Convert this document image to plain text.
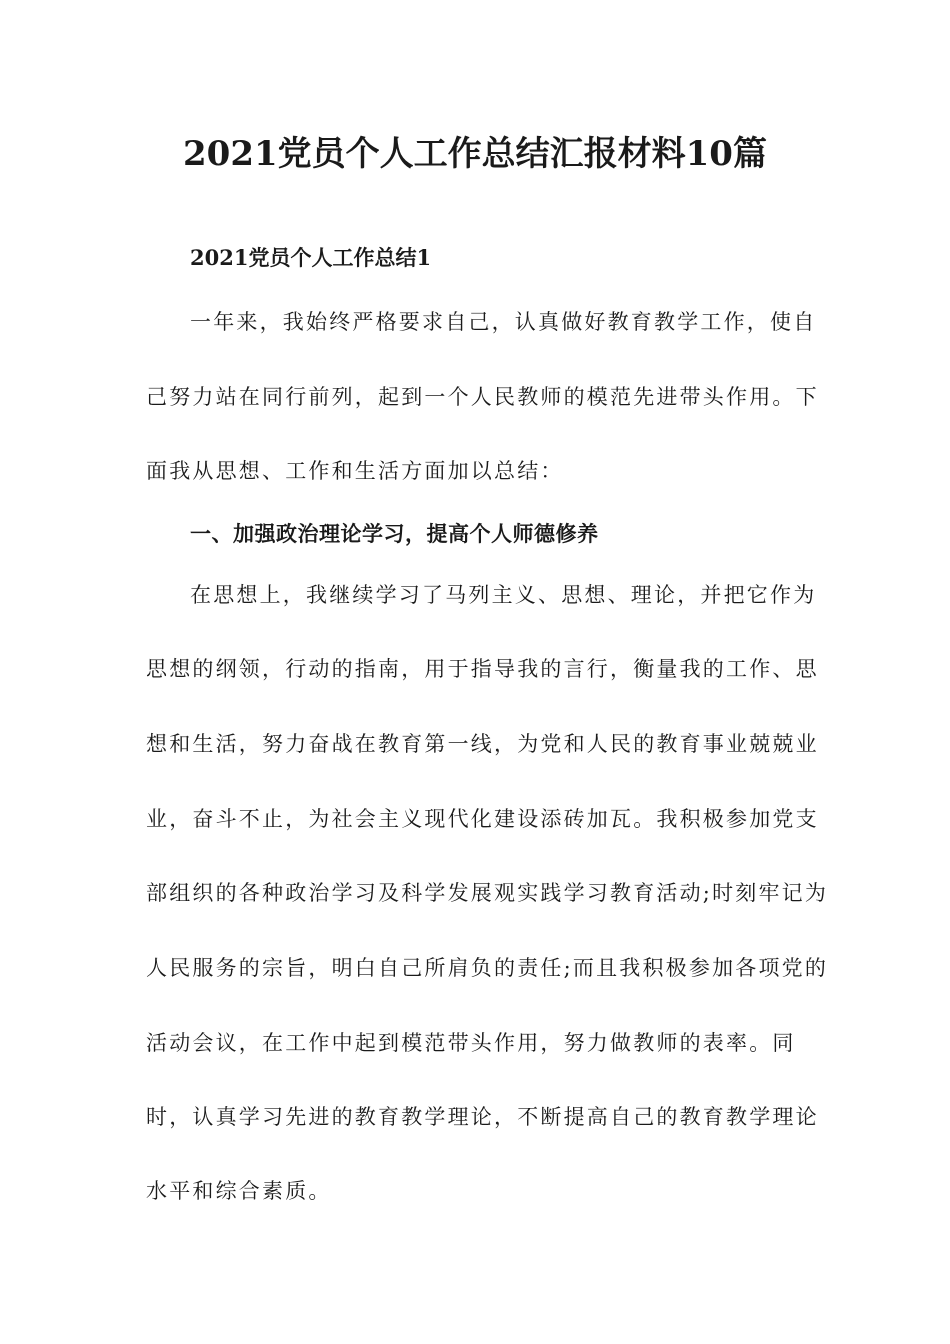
2021党员个人工作总结汇报材料10篇

2021党员个人工作总结1

一年来，我始终严格要求自己，认真做好教育教学工作，使自

己努力站在同行前列，起到一个人民教师的模范先进带头作用。下

面我从思想、工作和生活方面加以总结：

一、加强政治理论学习，提高个人师德修养

在思想上，我继续学习了马列主义、思想、理论，并把它作为

思想的纲领，行动的指南，用于指导我的言行，衡量我的工作、思

想和生活，努力奋战在教育第一线，为党和人民的教育事业兢兢业

业，奋斗不止，为社会主义现代化建设添砖加瓦。我积极参加党支

部组织的各种政治学习及科学发展观实践学习教育活动;时刻牢记为

人民服务的宗旨，明白自己所肩负的责任;而且我积极参加各项党的

活动会议，在工作中起到模范带头作用，努力做教师的表率。同

时，认真学习先进的教育教学理论，不断提高自己的教育教学理论

水平和综合素质。
